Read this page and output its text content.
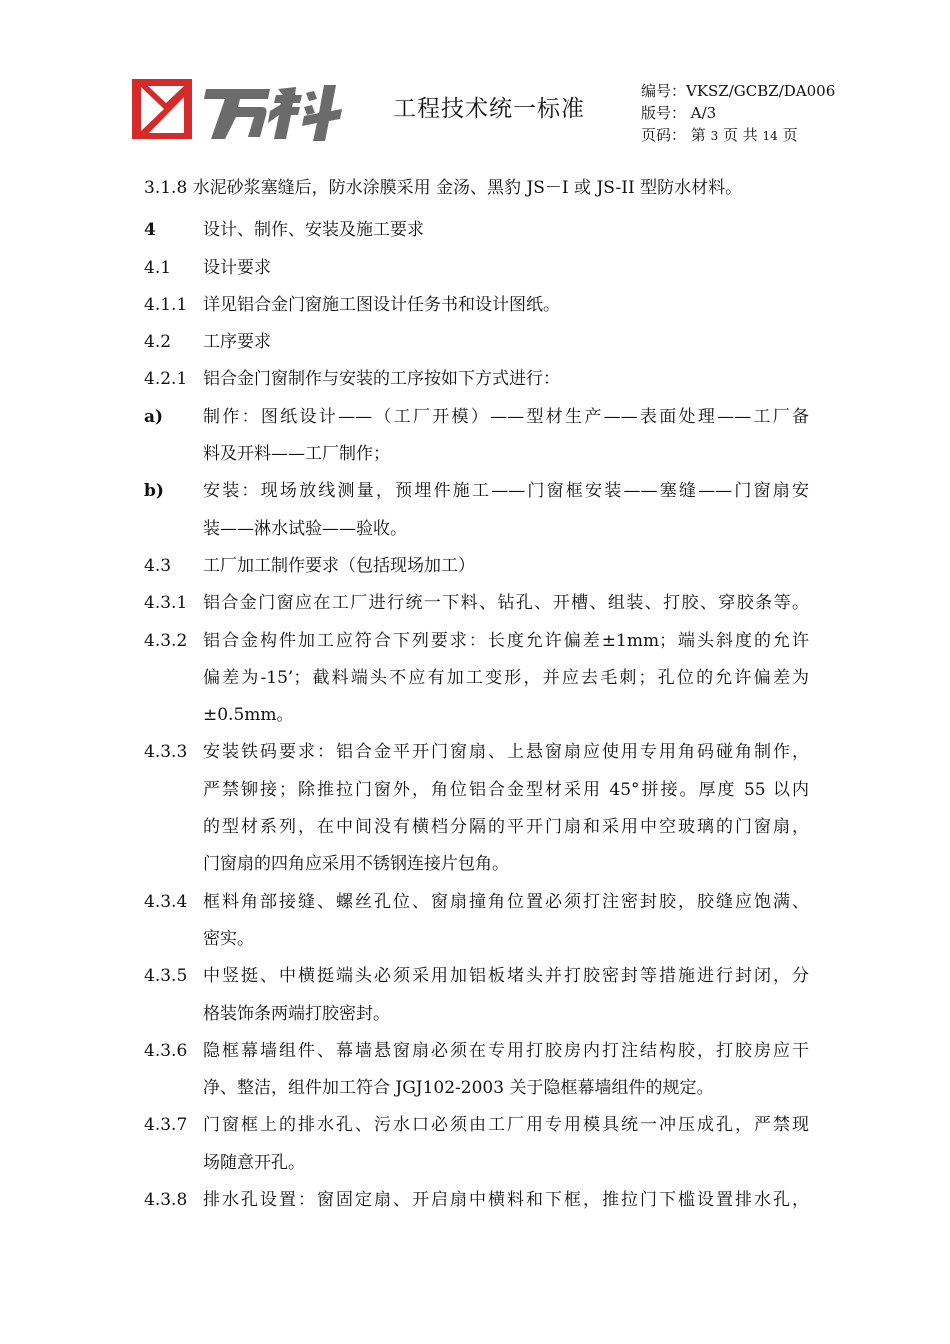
工程技术统一标准
编号：VKSZ/GCBZ/DA006
版号： A/3
页码： 第 3 页 共 14 页
3.1.8 水泥砂浆塞缝后，防水涂膜采用 金汤、黑豹 JS－I 或 JS-II 型防水材料。
4	设计、制作、安装及施工要求
4.1 设计要求
4.1.1 详见铝合金门窗施工图设计任务书和设计图纸。
4.2 工序要求
4.2.1 铝合金门窗制作与安装的工序按如下方式进行：
a) 制作：图纸设计——（工厂开模）——型材生产——表面处理——工厂备
料及开料——工厂制作；
b) 安装：现场放线测量，预埋件施工——门窗框安装——塞缝——门窗扇安
装——淋水试验——验收。
4.3 工厂加工制作要求（包括现场加工）
4.3.1 铝合金门窗应在工厂进行统一下料、钻孔、开槽、组装、打胶、穿胶条等。
4.3.2 铝合金构件加工应符合下列要求：长度允许偏差±1mm；端头斜度的允许
偏差为-15’；截料端头不应有加工变形，并应去毛刺；孔位的允许偏差为
±0.5mm。
4.3.3 安装铁码要求：铝合金平开门窗扇、上悬窗扇应使用专用角码碰角制作，
严禁铆接；除推拉门窗外，角位铝合金型材采用 45°拼接。厚度 55 以内
的型材系列，在中间没有横档分隔的平开门扇和采用中空玻璃的门窗扇，
门窗扇的四角应采用不锈钢连接片包角。
4.3.4 框料角部接缝、螺丝孔位、窗扇撞角位置必须打注密封胶，胶缝应饱满、
密实。
4.3.5 中竖挺、中横挺端头必须采用加铝板堵头并打胶密封等措施进行封闭，分
格装饰条两端打胶密封。
4.3.6 隐框幕墙组件、幕墙悬窗扇必须在专用打胶房内打注结构胶，打胶房应干
净、整洁，组件加工符合 JGJ102-2003 关于隐框幕墙组件的规定。
4.3.7 门窗框上的排水孔、污水口必须由工厂用专用模具统一冲压成孔，严禁现
场随意开孔。
4.3.8 排水孔设置：窗固定扇、开启扇中横料和下框，推拉门下槛设置排水孔，
